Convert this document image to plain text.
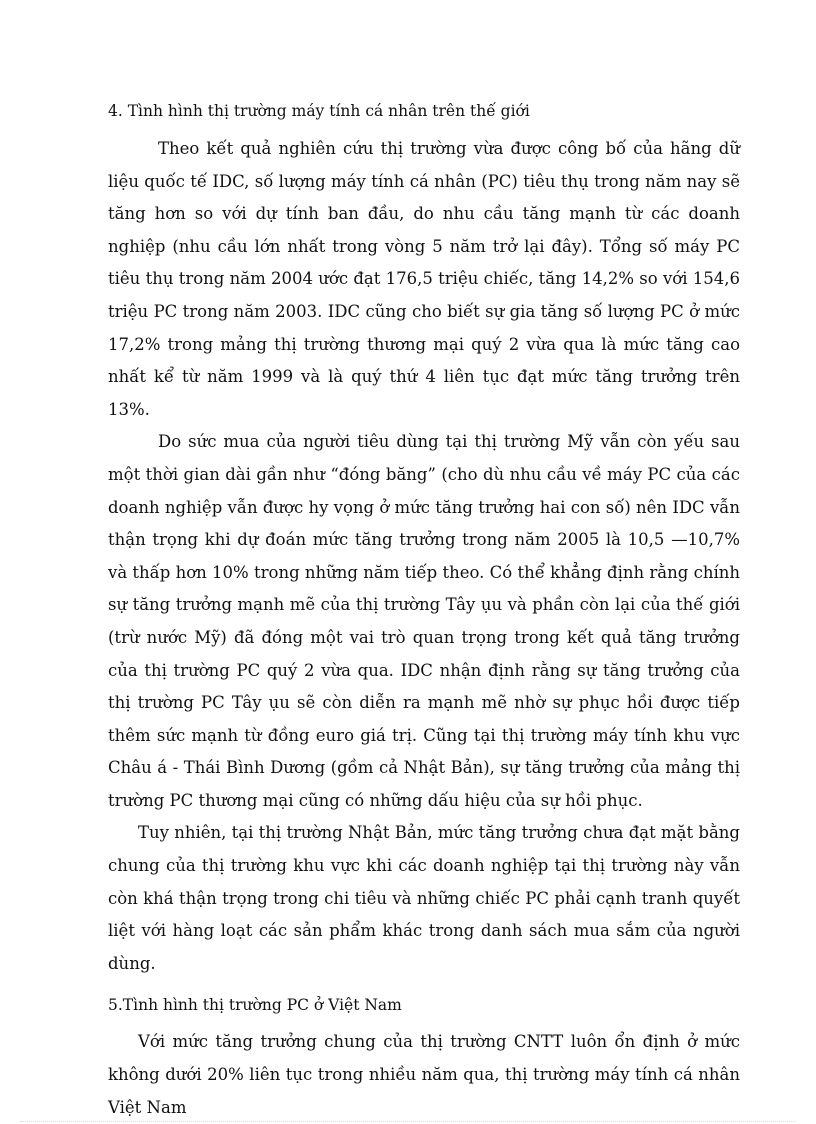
4. Tình hình thị trường máy tính cá nhân trên thế giới

Theo kết quả nghiên cứu thị trường vừa được công bố của hãng dữ liệu quốc tế IDC, số lượng máy tính cá nhân (PC) tiêu thụ trong năm nay sẽ tăng hơn so với dự tính ban đầu, do nhu cầu tăng mạnh từ các doanh nghiệp (nhu cầu lớn nhất trong vòng 5 năm trở lại đây). Tổng số máy PC tiêu thụ trong năm 2004 ước đạt 176,5 triệu chiếc, tăng 14,2% so với 154,6 triệu PC trong năm 2003. IDC cũng cho biết sự gia tăng số lượng PC ở mức 17,2% trong mảng thị trường thương mại quý 2 vừa qua là mức tăng cao nhất kể từ năm 1999 và là quý thứ 4 liên tục đạt mức tăng trưởng trên 13%.

Do sức mua của người tiêu dùng tại thị trường Mỹ vẫn còn yếu sau một thời gian dài gần như “đóng băng” (cho dù nhu cầu về máy PC của các doanh nghiệp vẫn được hy vọng ở mức tăng trưởng hai con số) nên IDC vẫn thận trọng khi dự đoán mức tăng trưởng trong năm 2005 là 10,5 —10,7% và thấp hơn 10% trong những năm tiếp theo. Có thể khẳng định rằng chính sự tăng trưởng mạnh mẽ của thị trường Tây ụu và phần còn lại của thế giới (trừ nước Mỹ) đã đóng một vai trò quan trọng trong kết quả tăng trưởng của thị trường PC quý 2 vừa qua. IDC nhận định rằng sự tăng trưởng của thị trường PC Tây ụu sẽ còn diễn ra mạnh mẽ nhờ sự phục hồi được tiếp thêm sức mạnh từ đồng euro giá trị. Cũng tại thị trường máy tính khu vực Châu á - Thái Bình Dương (gồm cả Nhật Bản), sự tăng trưởng của mảng thị trường PC thương mại cũng có những dấu hiệu của sự hồi phục.

Tuy nhiên, tại thị trường Nhật Bản, mức tăng trưởng chưa đạt mặt bằng chung của thị trường khu vực khi các doanh nghiệp tại thị trường này vẫn còn khá thận trọng trong chi tiêu và những chiếc PC phải cạnh tranh quyết liệt với hàng loạt các sản phẩm khác trong danh sách mua sắm của người dùng.

5.Tình hình thị trường PC ở Việt Nam

Với mức tăng trưởng chung của thị trường CNTT luôn ổn định ở mức không dưới 20% liên tục trong nhiều năm qua, thị trường máy tính cá nhân Việt Nam
